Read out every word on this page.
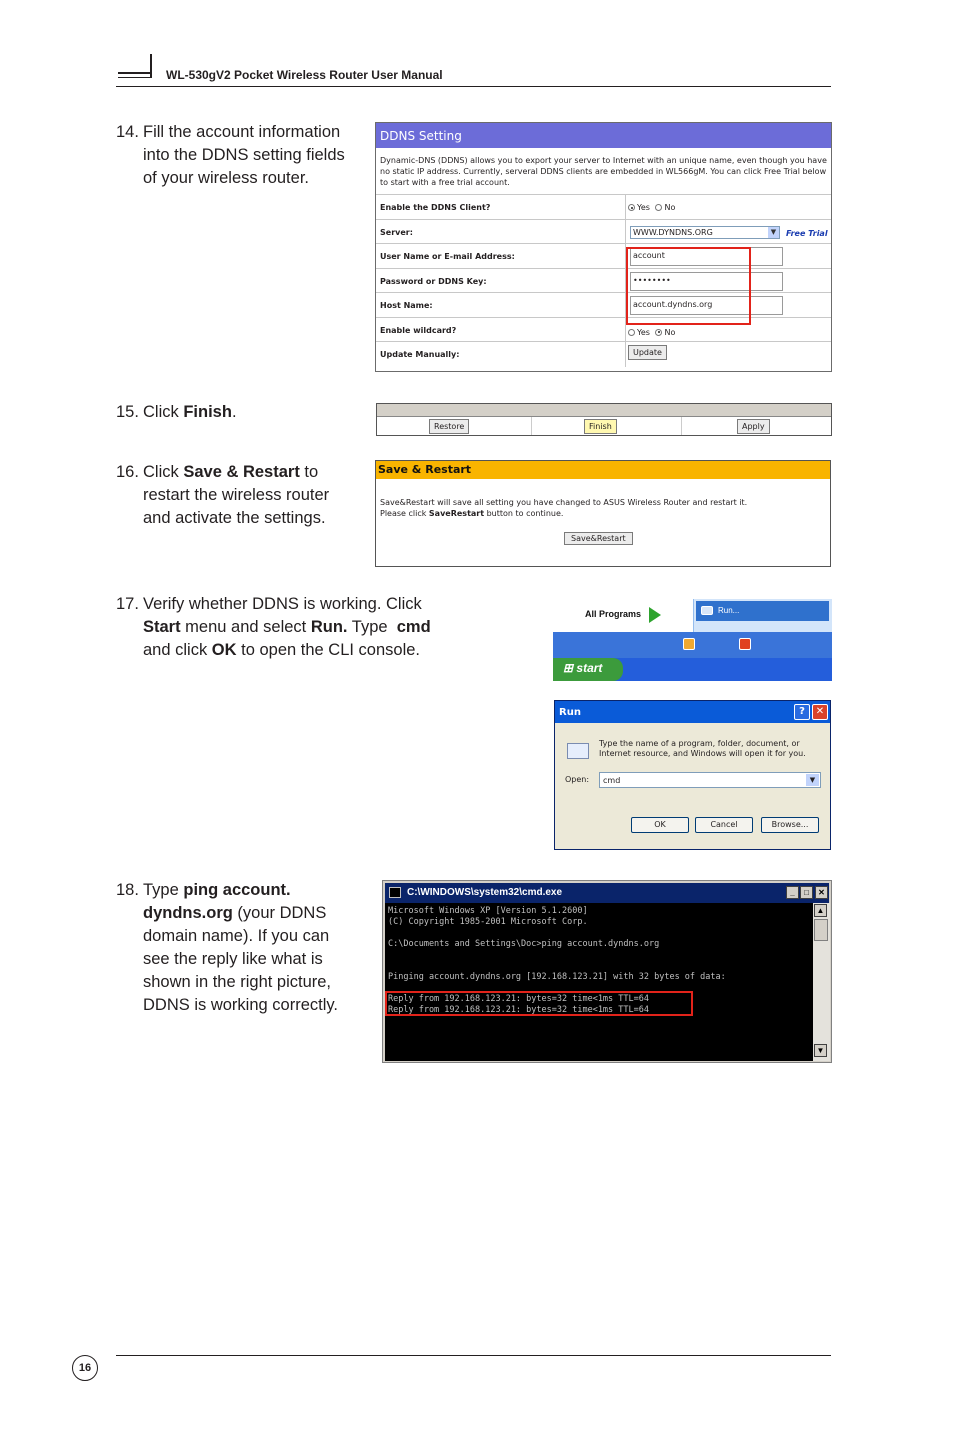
WL-530gV2 Pocket Wireless Router User Manual
14. Fill the account information
into the DDNS setting fields
of your wireless router.
15. Click Finish.
16. Click Save & Restart to
restart the wireless router
and activate the settings.
17. Verify whether DDNS is working. Click
Start menu and select Run. Type  cmd
and click OK to open the CLI console.
18. Type ping account.
dyndns.org (your DDNS
domain name). If you can
see the reply like what is
shown in the right picture,
DDNS is working correctly.
DDNS Setting
Dynamic-DNS (DDNS) allows you to export your server to Internet with an unique name, even though you have no static IP address. Currently, serveral DDNS clients are embedded in WL566gM. You can click Free Trial below to start with a free trial account.
Enable the DDNS Client?	Yes No
Server:	WWW.DYNDNS.ORG	▼	Free Trial
User Name or E-mail Address:	account
Password or DDNS Key:	••••••••
Host Name:	account.dyndns.org
Enable wildcard?	Yes No
Update Manually:	Update
Restore	Finish	Apply
Save & Restart
Save&Restart will save all setting you have changed to ASUS Wireless Router and restart it.
Please click SaveRestart button to continue.
Save&Restart
All Programs	Run...
⊞ start
Run	?	✕
Type the name of a program, folder, document, or Internet resource, and Windows will open it for you.
Open:	cmd	▼
OK	Cancel	Browse...
C:\WINDOWS\system32\cmd.exe	_	□	✕
Microsoft Windows XP [Version 5.1.2600]
(C) Copyright 1985-2001 Microsoft Corp.
C:\Documents and Settings\Doc>ping account.dyndns.org
Pinging account.dyndns.org [192.168.123.21] with 32 bytes of data:
Reply from 192.168.123.21: bytes=32 time<1ms TTL=64
Reply from 192.168.123.21: bytes=32 time<1ms TTL=64
▲
▼
16
